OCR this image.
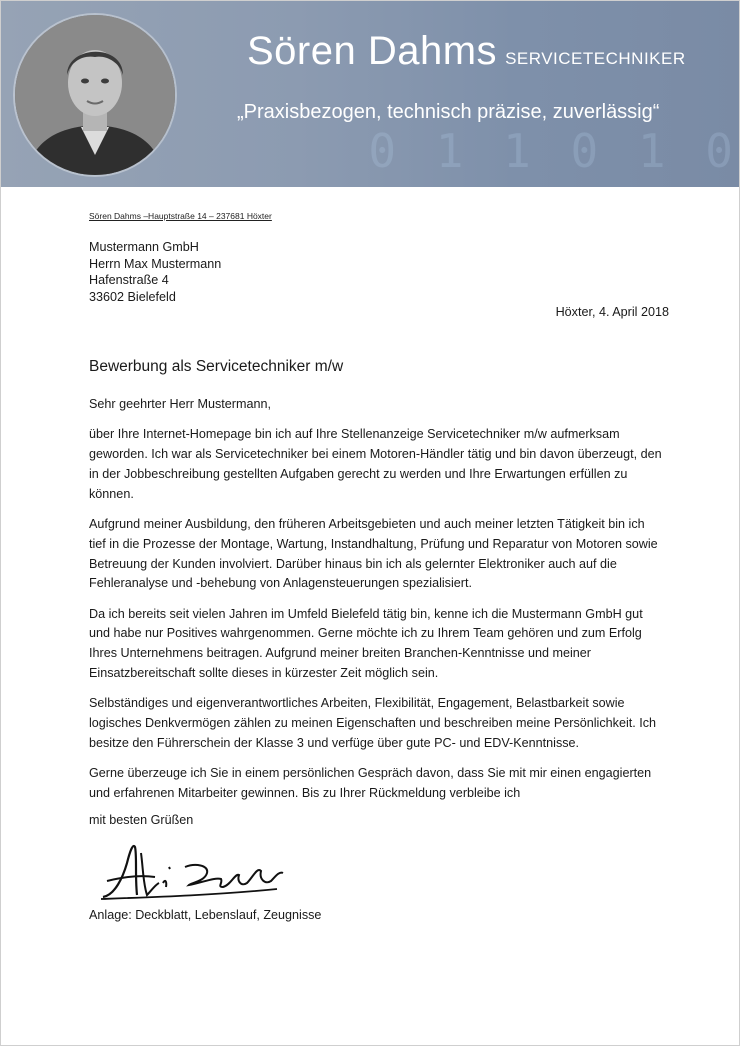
0 1 1 0 1 0

Sören Dahms SERVICETECHNIKER
„Praxisbezogen, technisch präzise, zuverlässig“
Sören Dahms –Hauptstraße 14 – 237681 Höxter
Mustermann GmbH
Herrn Max Mustermann
Hafenstraße 4
33602 Bielefeld
Höxter, 4. April 2018
Bewerbung als Servicetechniker m/w

Sehr geehrter Herr Mustermann,

über Ihre Internet-Homepage bin ich auf Ihre Stellenanzeige Servicetechniker m/w aufmerksam geworden. Ich war als Servicetechniker bei einem Motoren-Händler tätig und bin davon überzeugt, den in der Jobbeschreibung gestellten Aufgaben gerecht zu werden und Ihre Erwartungen erfüllen zu können.

Aufgrund meiner Ausbildung, den früheren Arbeitsgebieten und auch meiner letzten Tätigkeit bin ich tief in die Prozesse der Montage, Wartung, Instandhaltung, Prüfung und Reparatur von Motoren sowie Betreuung der Kunden involviert. Darüber hinaus bin ich als gelernter Elektroniker auch auf die Fehleranalyse und -behebung von Anlagensteuerungen spezialisiert.

Da ich bereits seit vielen Jahren im Umfeld Bielefeld tätig bin, kenne ich die Mustermann GmbH gut und habe nur Positives wahrgenommen. Gerne möchte ich zu Ihrem Team gehören und zum Erfolg Ihres Unternehmens beitragen. Aufgrund meiner breiten Branchen-Kenntnisse und meiner Einsatzbereitschaft sollte dieses in kürzester Zeit möglich sein.

Selbständiges und eigenverantwortliches Arbeiten, Flexibilität, Engagement, Belastbarkeit sowie logisches Denkvermögen zählen zu meinen Eigenschaften und beschreiben meine Persönlichkeit. Ich besitze den Führerschein der Klasse 3 und verfüge über gute PC- und EDV-Kenntnisse.

Gerne überzeuge ich Sie in einem persönlichen Gespräch davon, dass Sie mit mir einen engagierten und erfahrenen Mitarbeiter gewinnen. Bis zu Ihrer Rückmeldung verbleibe ich

mit besten Grüßen
Anlage: Deckblatt, Lebenslauf, Zeugnisse
